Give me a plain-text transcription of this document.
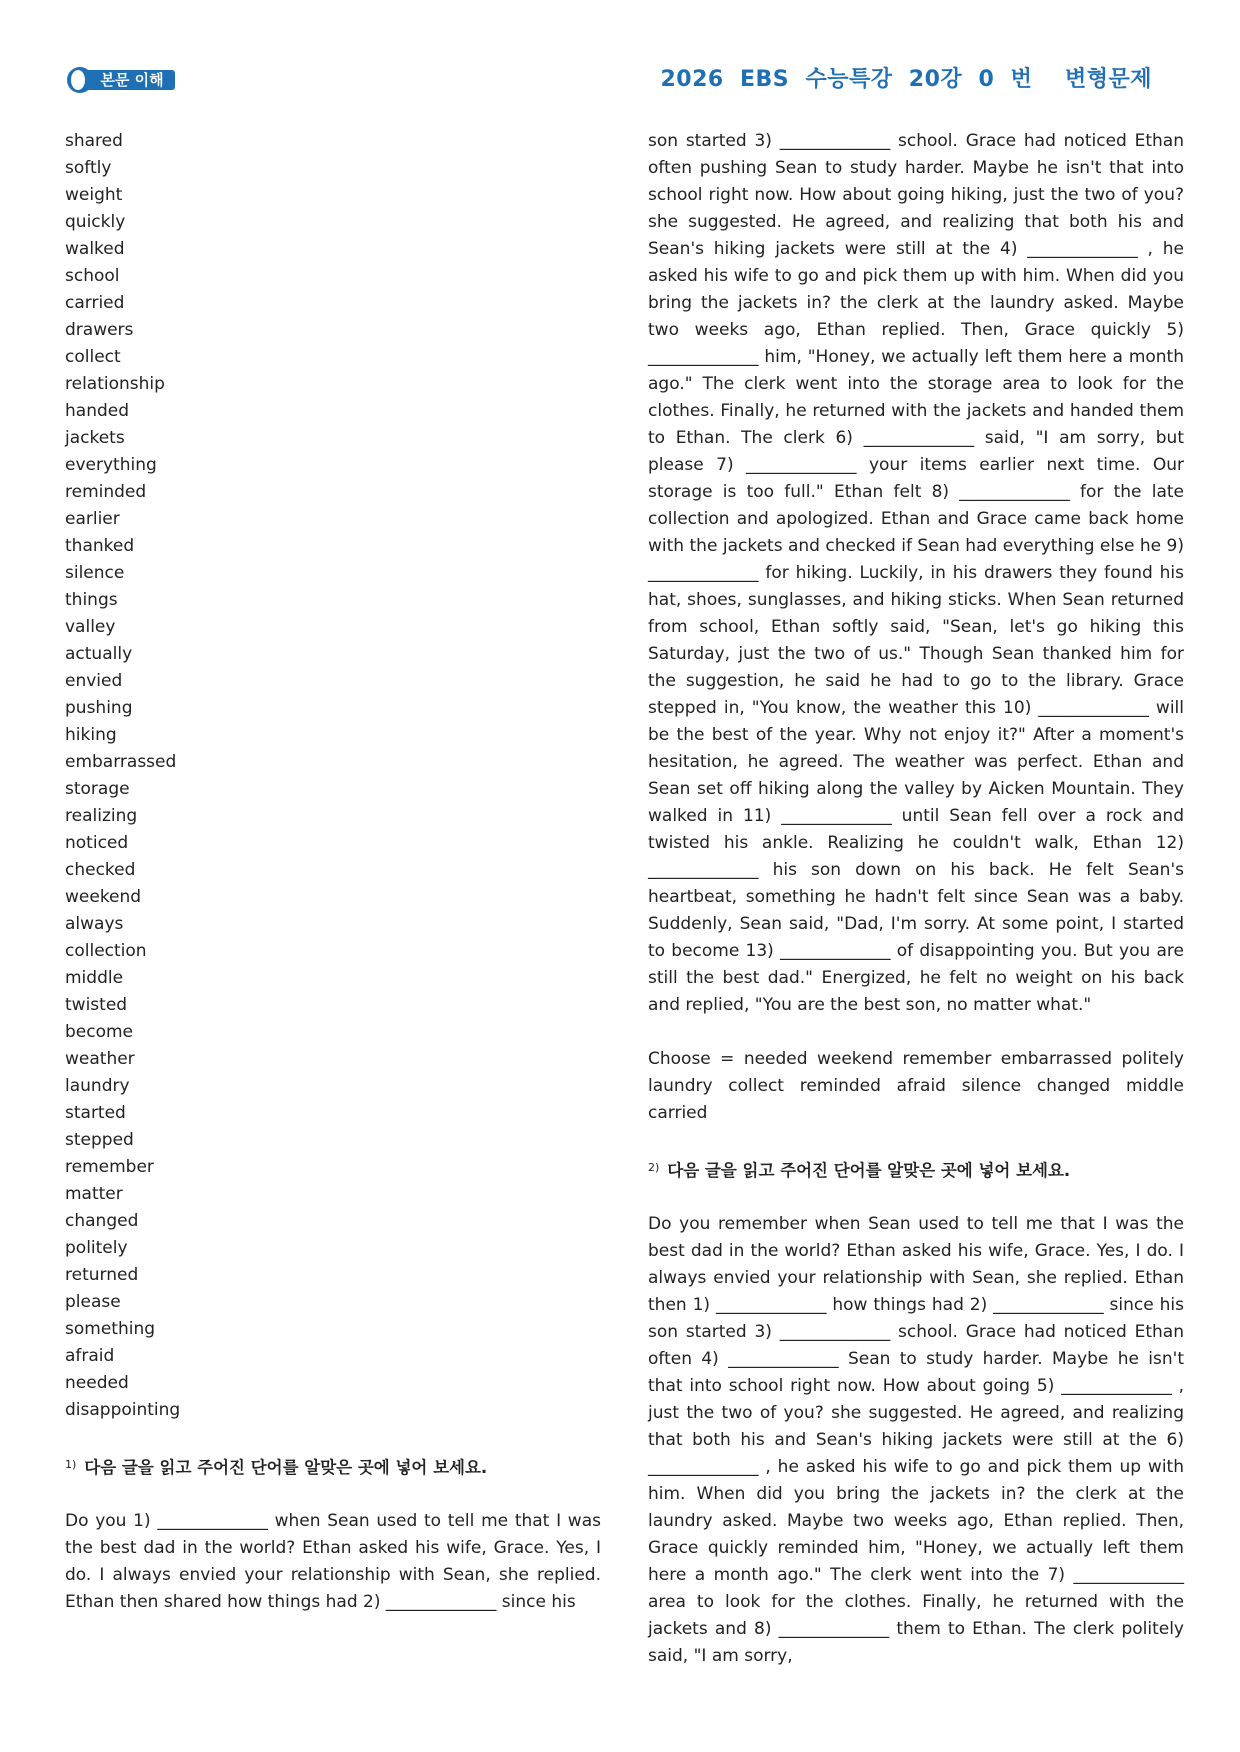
본문 이해	2026  EBS  수능특강  20강  0  번    변형문제
shared
softly
weight
quickly
walked
school
carried
drawers
collect
relationship
handed
jackets
everything
reminded
earlier
thanked
silence
things
valley
actually
envied
pushing
hiking
embarrassed
storage
realizing
noticed
checked
weekend
always
collection
middle
twisted
become
weather
laundry
started
stepped
remember
matter
changed
politely
returned
please
something
afraid
needed
disappointing
$^{1)}$ 다음 글을 읽고 주어진 단어를 알맞은 곳에 넣어 보세요.

Do you 1) _____________ when Sean used to tell me that I was the best dad in the world? Ethan asked his wife, Grace. Yes, I do. I always envied your relationship with Sean, she replied. Ethan then shared how things had 2) _____________ since his

son started 3) _____________ school. Grace had noticed Ethan often pushing Sean to study harder. Maybe he isn't that into school right now. How about going hiking, just the two of you? she suggested. He agreed, and realizing that both his and Sean's hiking jackets were still at the 4) _____________ , he asked his wife to go and pick them up with him. When did you bring the jackets in? the clerk at the laundry asked. Maybe two weeks ago, Ethan replied. Then, Grace quickly 5) _____________ him, "Honey, we actually left them here a month ago." The clerk went into the storage area to look for the clothes. Finally, he returned with the jackets and handed them to Ethan. The clerk 6) _____________ said, "I am sorry, but please 7) _____________ your items earlier next time. Our storage is too full." Ethan felt 8) _____________ for the late collection and apologized. Ethan and Grace came back home with the jackets and checked if Sean had everything else he 9) _____________ for hiking. Luckily, in his drawers they found his hat, shoes, sunglasses, and hiking sticks. When Sean returned from school, Ethan softly said, "Sean, let's go hiking this Saturday, just the two of us." Though Sean thanked him for the suggestion, he said he had to go to the library. Grace stepped in, "You know, the weather this 10) _____________ will be the best of the year. Why not enjoy it?" After a moment's hesitation, he agreed. The weather was perfect. Ethan and Sean set off hiking along the valley by Aicken Mountain. They walked in 11) _____________ until Sean fell over a rock and twisted his ankle. Realizing he couldn't walk, Ethan 12) _____________ his son down on his back. He felt Sean's heartbeat, something he hadn't felt since Sean was a baby. Suddenly, Sean said, "Dad, I'm sorry. At some point, I started to become 13) _____________ of disappointing you. But you are still the best dad." Energized, he felt no weight on his back and replied, "You are the best son, no matter what."

Choose = needed weekend remember embarrassed politely laundry collect reminded afraid silence changed middle carried

$^{2)}$ 다음 글을 읽고 주어진 단어를 알맞은 곳에 넣어 보세요.

Do you remember when Sean used to tell me that I was the best dad in the world? Ethan asked his wife, Grace. Yes, I do. I always envied your relationship with Sean, she replied. Ethan then 1) _____________ how things had 2) _____________ since his son started 3) _____________ school. Grace had noticed Ethan often 4) _____________ Sean to study harder. Maybe he isn't that into school right now. How about going 5) _____________ , just the two of you? she suggested. He agreed, and realizing that both his and Sean's hiking jackets were still at the 6) _____________ , he asked his wife to go and pick them up with him. When did you bring the jackets in? the clerk at the laundry asked. Maybe two weeks ago, Ethan replied. Then, Grace quickly reminded him, "Honey, we actually left them here a month ago." The clerk went into the 7) _____________ area to look for the clothes. Finally, he returned with the jackets and 8) _____________ them to Ethan. The clerk politely said, "I am sorry,
